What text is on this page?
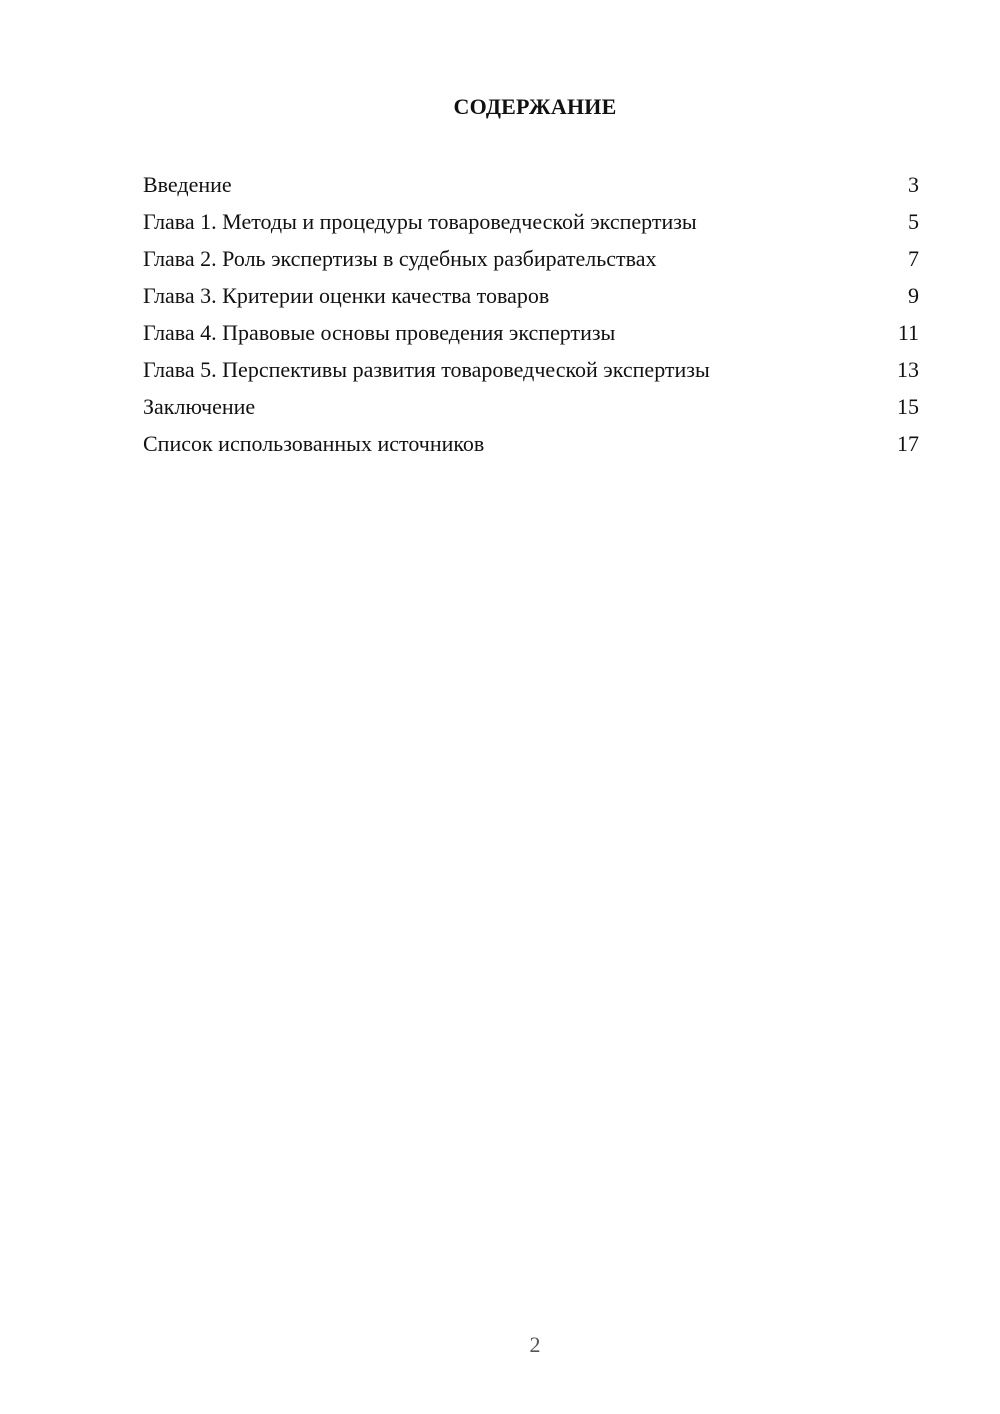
СОДЕРЖАНИЕ
Введение	3
Глава 1. Методы и процедуры товароведческой экспертизы	5
Глава 2. Роль экспертизы в судебных разбирательствах	7
Глава 3. Критерии оценки качества товаров	9
Глава 4. Правовые основы проведения экспертизы	11
Глава 5. Перспективы развития товароведческой экспертизы	13
Заключение	15
Список использованных источников	17
2
